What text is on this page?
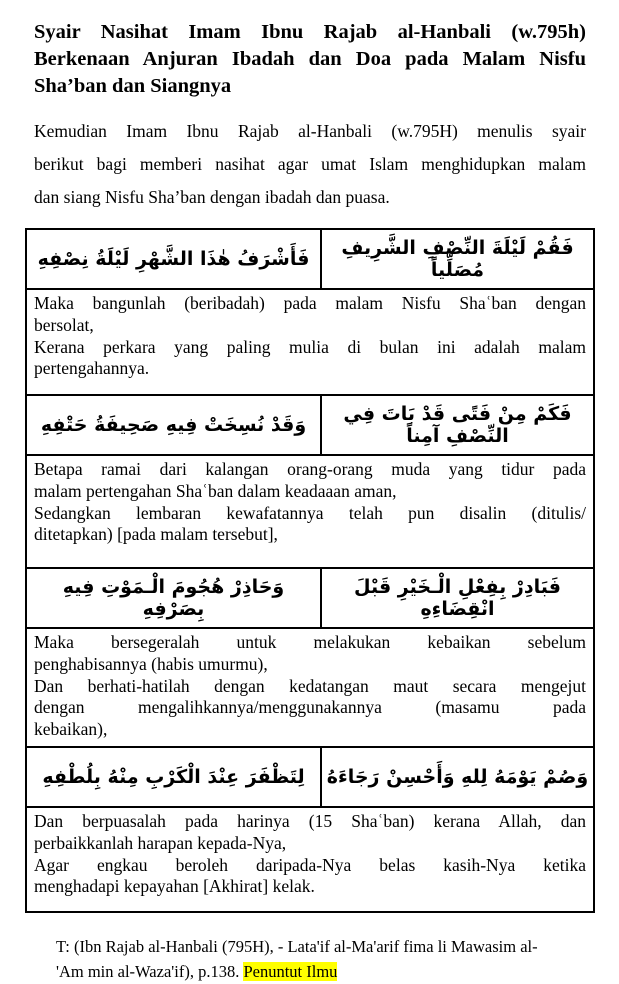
Syair Nasihat Imam Ibnu Rajab al-Hanbali (w.795h)
Berkenaan Anjuran Ibadah dan Doa pada Malam Nisfu
Sha’ban dan Siangnya
Kemudian Imam Ibnu Rajab al-Hanbali (w.795H) menulis syair
berikut bagi memberi nasihat agar umat Islam menghidupkan malam
dan siang Nisfu Sha’ban dengan ibadah dan puasa.
فَأَشْرَفُ هٰذَا الشَّهْرِ لَيْلَةُ نِصْفِهِ	فَقُمْ لَيْلَةَ النِّصْفِ الشَّرِيفِ مُصَلِّياً

Maka bangunlah (beribadah) pada malam Nisfu Shaʿban dengan
bersolat,
Kerana perkara yang paling mulia di bulan ini adalah malam
pertengahannya.	

وَقَدْ نُسِخَتْ فِيهِ صَحِيفَةُ حَتْفِهِ	فَكَمْ مِنْ فَتًى قَدْ بَاتَ فِي النِّصْفِ آمِناً

Betapa ramai dari kalangan orang-orang muda yang tidur pada
malam pertengahan Shaʿban dalam keadaaan aman,
Sedangkan lembaran kewafatannya telah pun disalin (ditulis/
ditetapkan) [pada malam tersebut],	

وَحَاذِرْ هُجُومَ الْـمَوْتِ فِيهِ بِصَرْفِهِ	فَبَادِرْ بِفِعْلِ الْـخَيْرِ قَبْلَ انْقِضَاءِهِ

Maka bersegeralah untuk melakukan kebaikan sebelum
penghabisannya (habis umurmu),
Dan berhati-hatilah dengan kedatangan maut secara mengejut
dengan mengalihkannya/menggunakannya (masamu pada
kebaikan),	

لِتَظْفَرَ عِنْدَ الْكَرْبِ مِنْهُ بِلُطْفِهِ	وَصُمْ يَوْمَهُ لِلهِ وَأَحْسِنْ رَجَاءَهُ

Dan berpuasalah pada harinya (15 Shaʿban) kerana Allah, dan
perbaikkanlah harapan kepada-Nya,
Agar engkau beroleh daripada-Nya belas kasih-Nya ketika
menghadapi kepayahan [Akhirat] kelak.	
T: (Ibn Rajab al-Hanbali (795H), - Lata'if al-Ma'arif fima li Mawasim al-
'Am min al-Waza'if), p.138. Penuntut Ilmu
